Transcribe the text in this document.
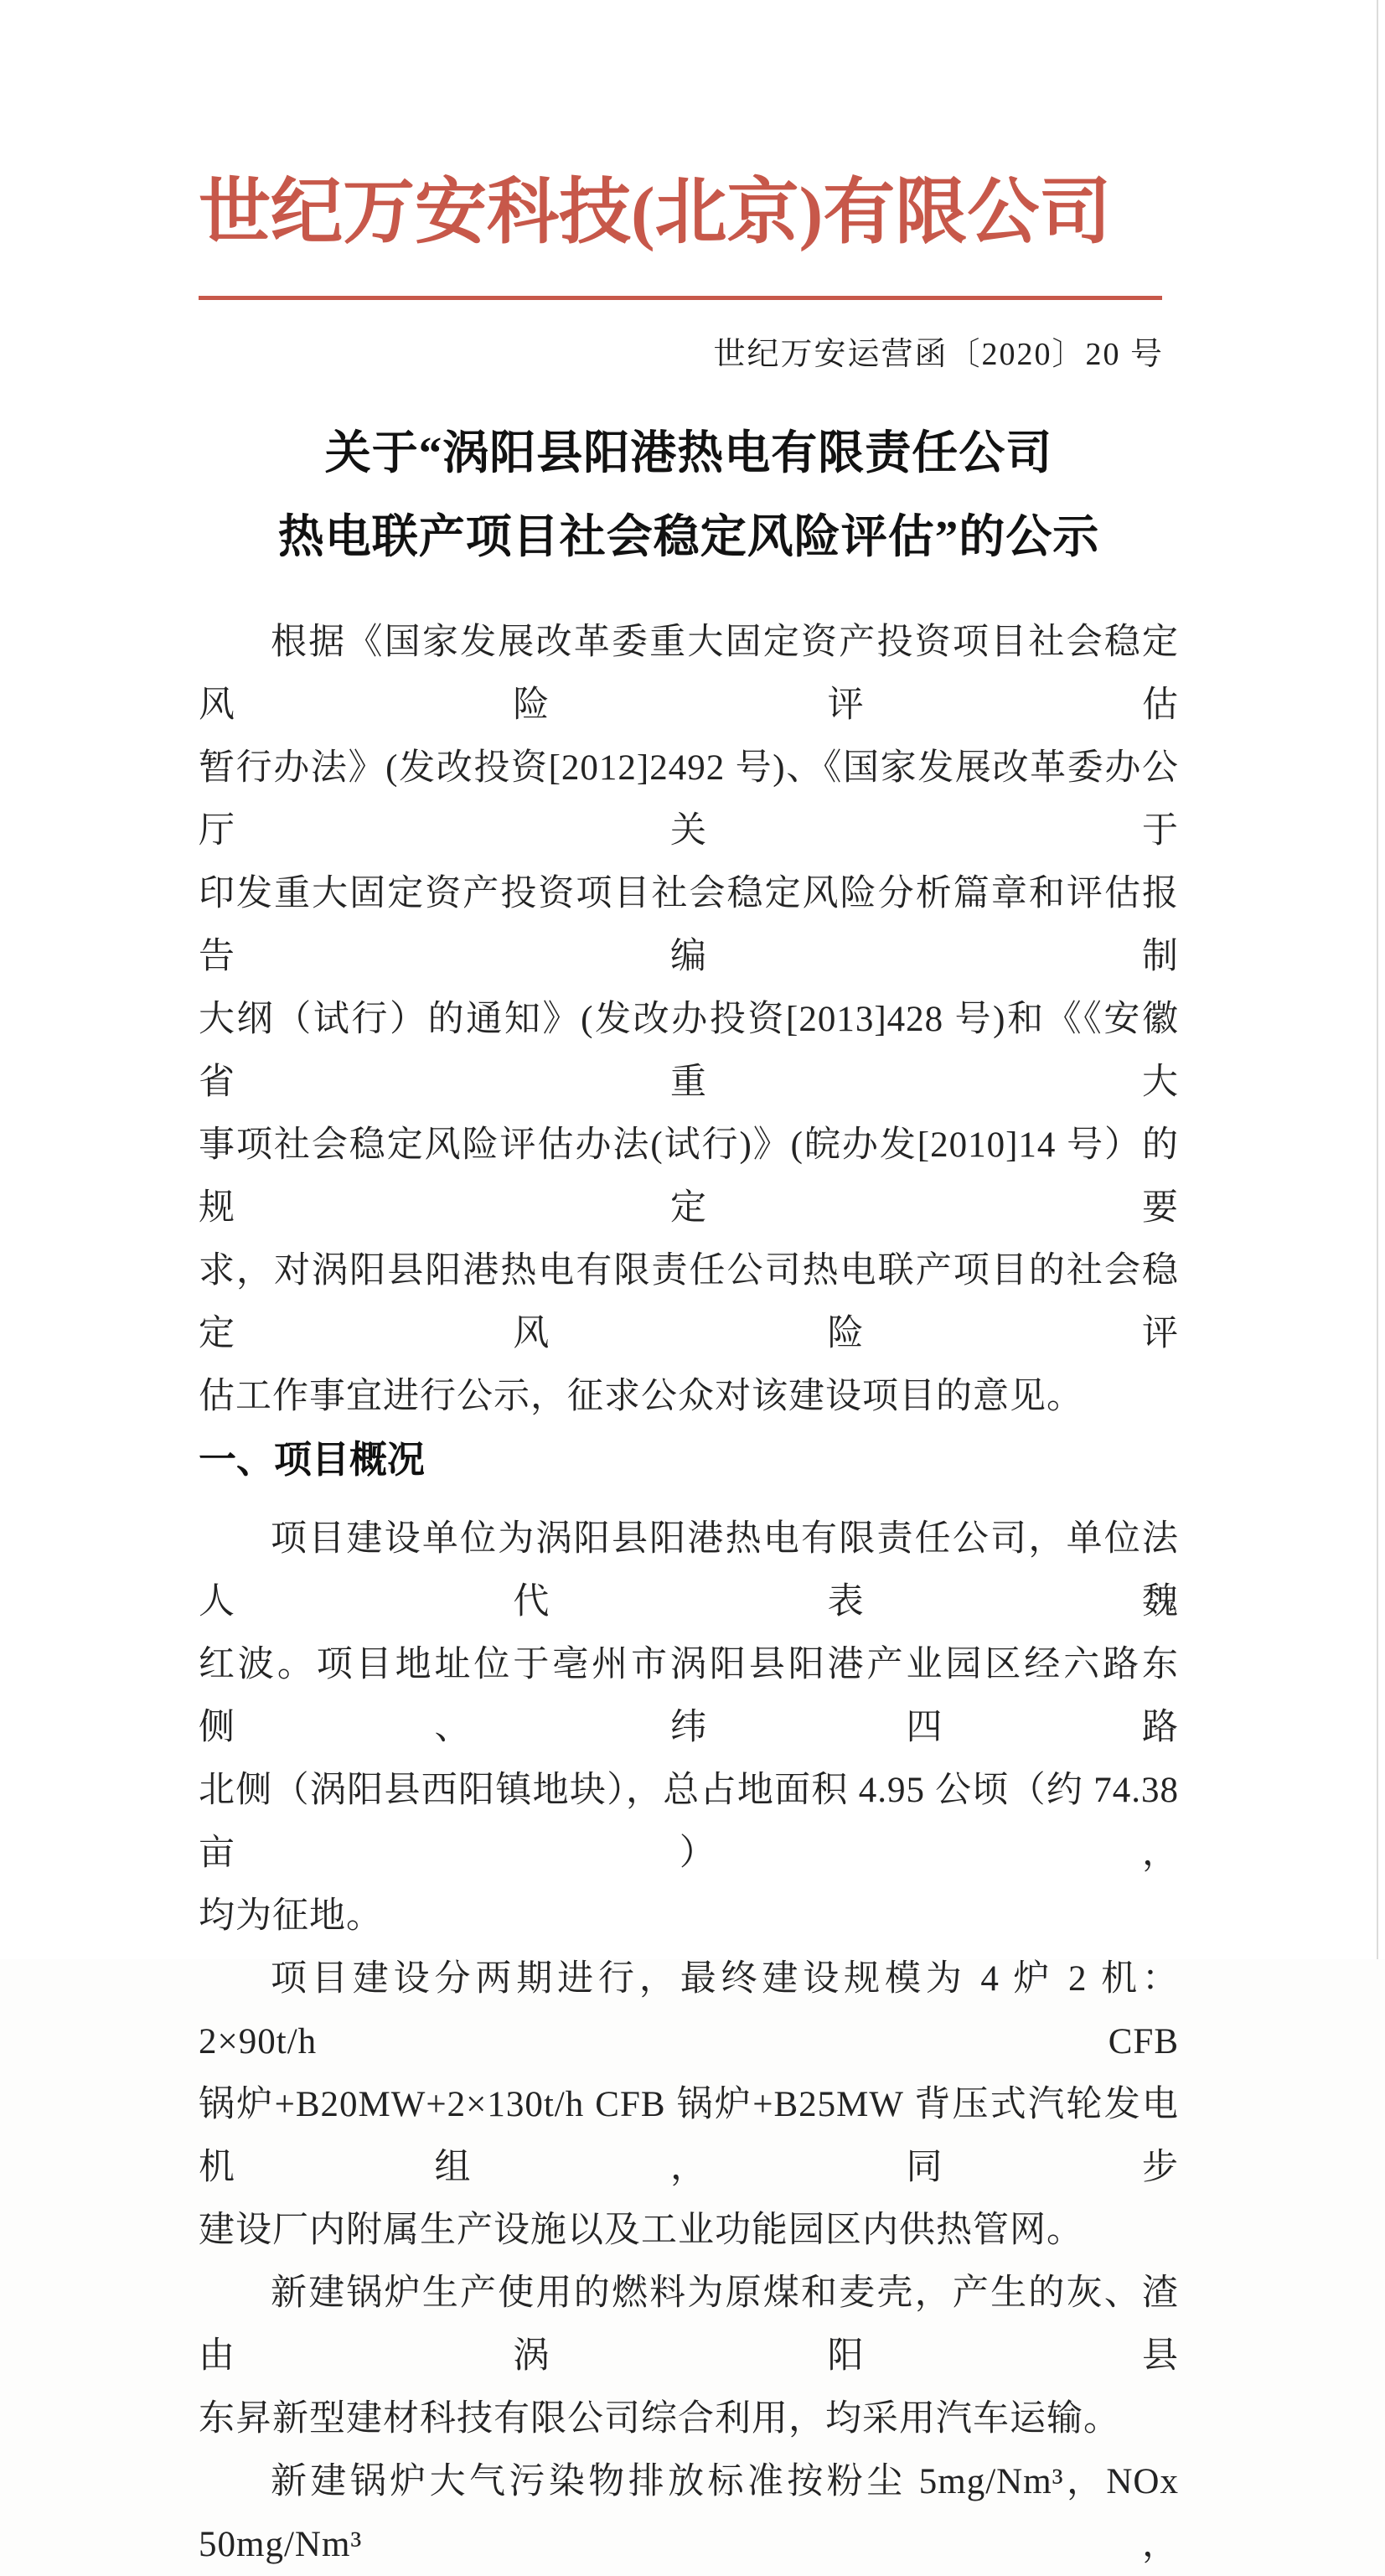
世纪万安科技(北京)有限公司
世纪万安运营函〔2020〕20 号
关于“涡阳县阳港热电有限责任公司
热电联产项目社会稳定风险评估”的公示
根据《国家发展改革委重大固定资产投资项目社会稳定风险评估
暂行办法》(发改投资[2012]2492 号)、《国家发展改革委办公厅关于
印发重大固定资产投资项目社会稳定风险分析篇章和评估报告编制
大纲（试行）的通知》(发改办投资[2013]428 号)和《《安徽省重大
事项社会稳定风险评估办法(试行)》(皖办发[2010]14 号）的规定要
求，对涡阳县阳港热电有限责任公司热电联产项目的社会稳定风险评
估工作事宜进行公示，征求公众对该建设项目的意见。
一、项目概况
项目建设单位为涡阳县阳港热电有限责任公司，单位法人代表魏
红波。项目地址位于亳州市涡阳县阳港产业园区经六路东侧、纬四路
北侧（涡阳县西阳镇地块），总占地面积 4.95 公顷（约 74.38 亩），
均为征地。
项目建设分两期进行，最终建设规模为 4 炉 2 机：2×90t/h CFB
锅炉+B20MW+2×130t/h CFB 锅炉+B25MW 背压式汽轮发电机组，同步
建设厂内附属生产设施以及工业功能园区内供热管网。
新建锅炉生产使用的燃料为原煤和麦壳，产生的灰、渣由涡阳县
东昇新型建材科技有限公司综合利用，均采用汽车运输。
新建锅炉大气污染物排放标准按粉尘 5mg/Nm³，NOx 50mg/Nm³，
